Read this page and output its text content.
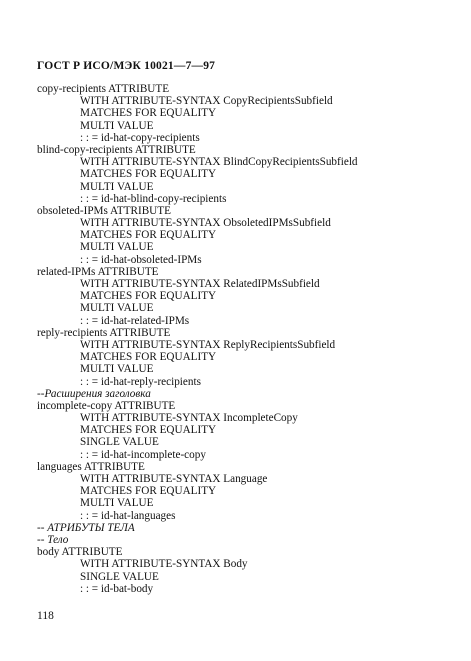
ГОСТ Р ИСО/МЭК 10021—7—97
copy-recipients ATTRIBUTE
WITH ATTRIBUTE-SYNTAX CopyRecipientsSubfield
MATCHES FOR EQUALITY
MULTI VALUE
: : = id-hat-copy-recipients
blind-copy-recipients ATTRIBUTE
WITH ATTRIBUTE-SYNTAX BlindCopyRecipientsSubfield
MATCHES FOR EQUALITY
MULTI VALUE
: : = id-hat-blind-copy-recipients
obsoleted-IPMs ATTRIBUTE
WITH ATTRIBUTE-SYNTAX ObsoletedIPMsSubfield
MATCHES FOR EQUALITY
MULTI VALUE
: : = id-hat-obsoleted-IPMs
related-IPMs ATTRIBUTE
WITH ATTRIBUTE-SYNTAX RelatedIPMsSubfield
MATCHES FOR EQUALITY
MULTI VALUE
: : = id-hat-related-IPMs
reply-recipients ATTRIBUTE
WITH ATTRIBUTE-SYNTAX ReplyRecipientsSubfield
MATCHES FOR EQUALITY
MULTI VALUE
: : = id-hat-reply-recipients
--Расширения заголовка
incomplete-copy ATTRIBUTE
WITH ATTRIBUTE-SYNTAX IncompleteCopy
MATCHES FOR EQUALITY
SINGLE VALUE
: : = id-hat-incomplete-copy
languages ATTRIBUTE
WITH ATTRIBUTE-SYNTAX Language
MATCHES FOR EQUALITY
MULTI VALUE
: : = id-hat-languages
-- АТРИБУТЫ ТЕЛА
-- Тело
body ATTRIBUTE
WITH ATTRIBUTE-SYNTAX Body
SINGLE VALUE
: : = id-bat-body
118
